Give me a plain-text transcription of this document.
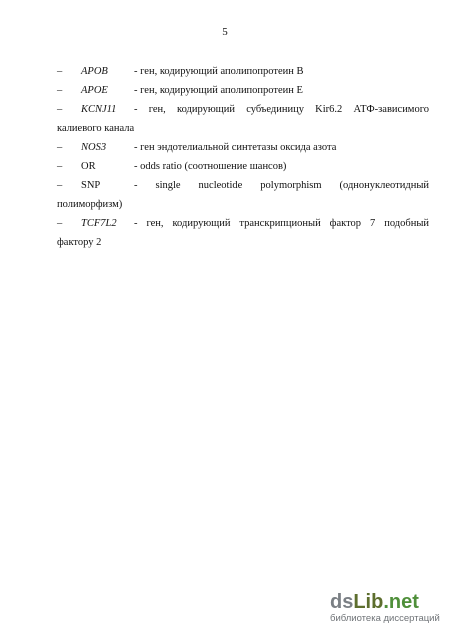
5
–	APOB	- ген, кодирующий аполипопротеин B
–	APOE	- ген, кодирующий аполипопротеин E
–	KCNJ11	- ген, кодирующий субъединицу Kir6.2 АТФ-зависимого
калиевого канала
–	NOS3	- ген эндотелиальной синтетазы оксида азота
–	OR	- odds ratio (соотношение шансов)
–	SNP	- single nucleotide polymorphism (однонуклеотидный
полиморфизм)
–	TCF7L2	- ген, кодирующий транскрипционый фактор 7 подобный
фактору 2
dsLib.net
библиотека диссертаций
